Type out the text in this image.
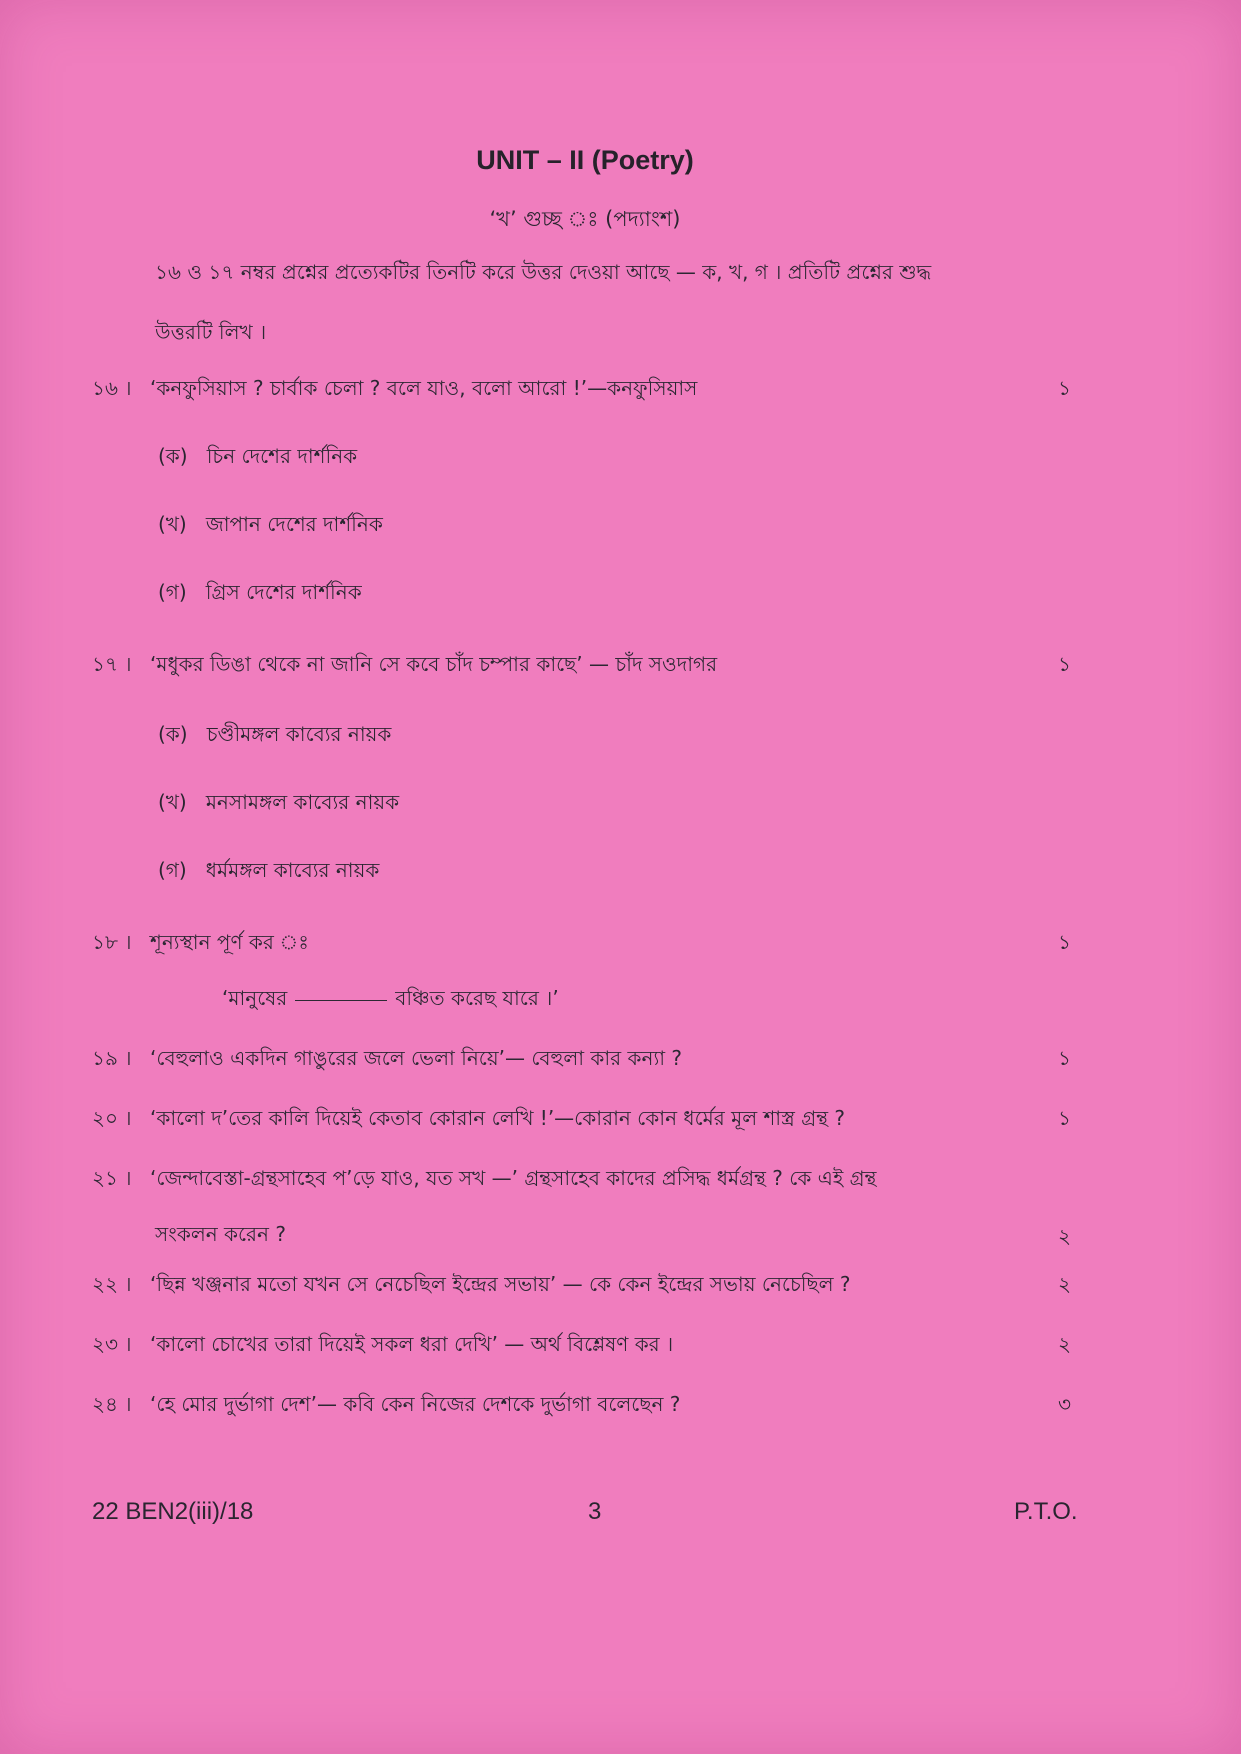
UNIT – II (Poetry)
‘খ’ গুচ্ছ ঃ (পদ্যাংশ)
১৬ ও ১৭ নম্বর প্রশ্নের প্রত্যেকটির তিনটি করে উত্তর দেওয়া আছে — ক, খ, গ । প্রতিটি প্রশ্নের শুদ্ধ
উত্তরটি লিখ ।
১৬ । ‘কনফুসিয়াস ? চার্বাক চেলা ? বলে যাও, বলো আরো !’—কনফুসিয়াস	১
(ক) চিন দেশের দার্শনিক
(খ) জাপান দেশের দার্শনিক
(গ) গ্রিস দেশের দার্শনিক
১৭ । ‘মধুকর ডিঙা থেকে না জানি সে কবে চাঁদ চম্পার কাছে’ — চাঁদ সওদাগর	১
(ক) চণ্ডীমঙ্গল কাব্যের নায়ক
(খ) মনসামঙ্গল কাব্যের নায়ক
(গ) ধর্মমঙ্গল কাব্যের নায়ক
১৮ । শূন্যস্থান পূর্ণ কর ঃ	১
‘মানুষের	বঞ্চিত করেছ যারে ।’
১৯ । ‘বেহুলাও একদিন গাঙুরের জলে ভেলা নিয়ে’— বেহুলা কার কন্যা ?	১
২০ । ‘কালো দ’তের কালি দিয়েই কেতাব কোরান লেখি !’—কোরান কোন ধর্মের মূল শাস্ত্র গ্রন্থ ?	১
২১ । ‘জেন্দাবেস্তা-গ্রন্থসাহেব প’ড়ে যাও, যত সখ —’ গ্রন্থসাহেব কাদের প্রসিদ্ধ ধর্মগ্রন্থ ? কে এই গ্রন্থ
সংকলন করেন ?	২
২২ । ‘ছিন্ন খঞ্জনার মতো যখন সে নেচেছিল ইন্দ্রের সভায়’ — কে কেন ইন্দ্রের সভায় নেচেছিল ?	২
২৩ । ‘কালো চোখের তারা দিয়েই সকল ধরা দেখি’ — অর্থ বিশ্লেষণ কর ।	২
২৪ । ‘হে মোর দুর্ভাগা দেশ’— কবি কেন নিজের দেশকে দুর্ভাগা বলেছেন ?	৩
22 BEN2(iii)/18	3	P.T.O.
